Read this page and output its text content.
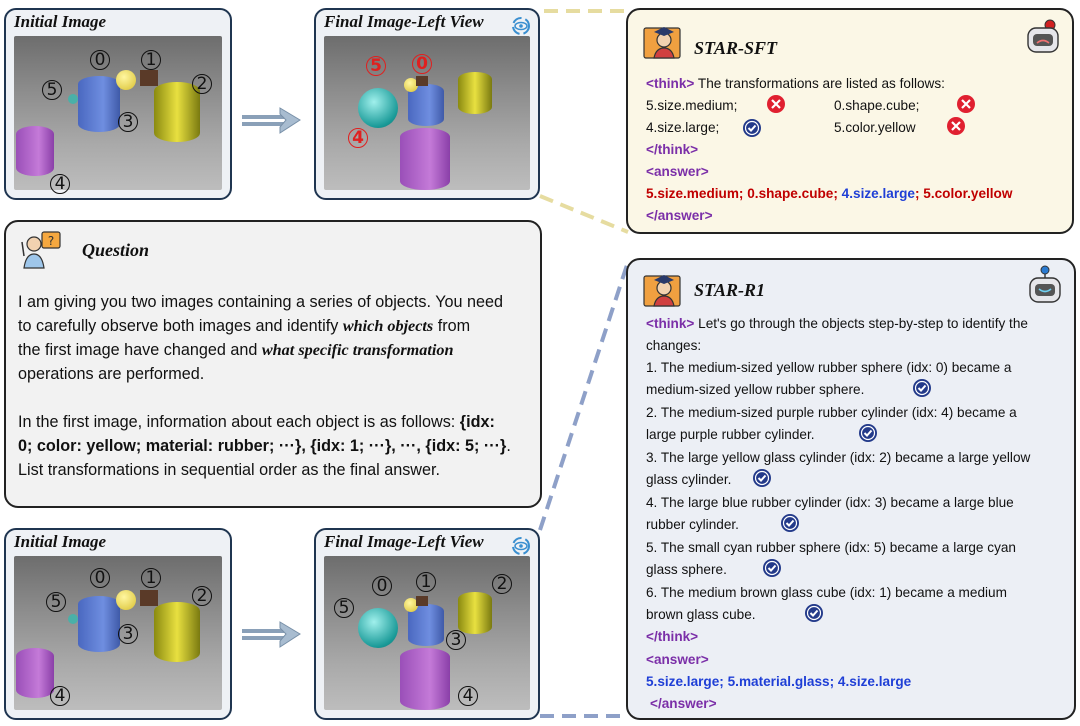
Initial Image
0 1
2
3
4
5
Final Image-Left View
5 0
4
? Question

I am giving you two images containing a series of objects. You need
to carefully observe both images and identify which objects from
the first image have changed and what specific transformation
operations are performed.

In the first image, information about each object is as follows: {idx:
0; color: yellow; material: rubber; ···}, {idx: 1; ···}, ···, {idx: 5; ···}.
List transformations in sequential order as the final answer.

Initial Image
0 1
2
3
4
5
Final Image-Left View
0 1	2
3
4
5
STAR-SFT
<think> The transformations are listed as follows:
5.size.medium;	0.shape.cube;
4.size.large;	5.color.yellow
</think>
<answer>
5.size.medium; 0.shape.cube; 4.size.large; 5.color.yellow
</answer>
STAR-R1
<think> Let's go through the objects step-by-step to identify the
changes:
1. The medium-sized yellow rubber sphere (idx: 0) became a
medium-sized yellow rubber sphere.
2. The medium-sized purple rubber cylinder (idx: 4) became a
large purple rubber cylinder.
3. The large yellow glass cylinder (idx: 2) became a large yellow
glass cylinder.
4. The large blue rubber cylinder (idx: 3) became a large blue
rubber cylinder.
5. The small cyan rubber sphere (idx: 5) became a large cyan
glass sphere.
6. The medium brown glass cube (idx: 1) became a medium
brown glass cube.
</think>
<answer>
5.size.large; 5.material.glass; 4.size.large
</answer>
